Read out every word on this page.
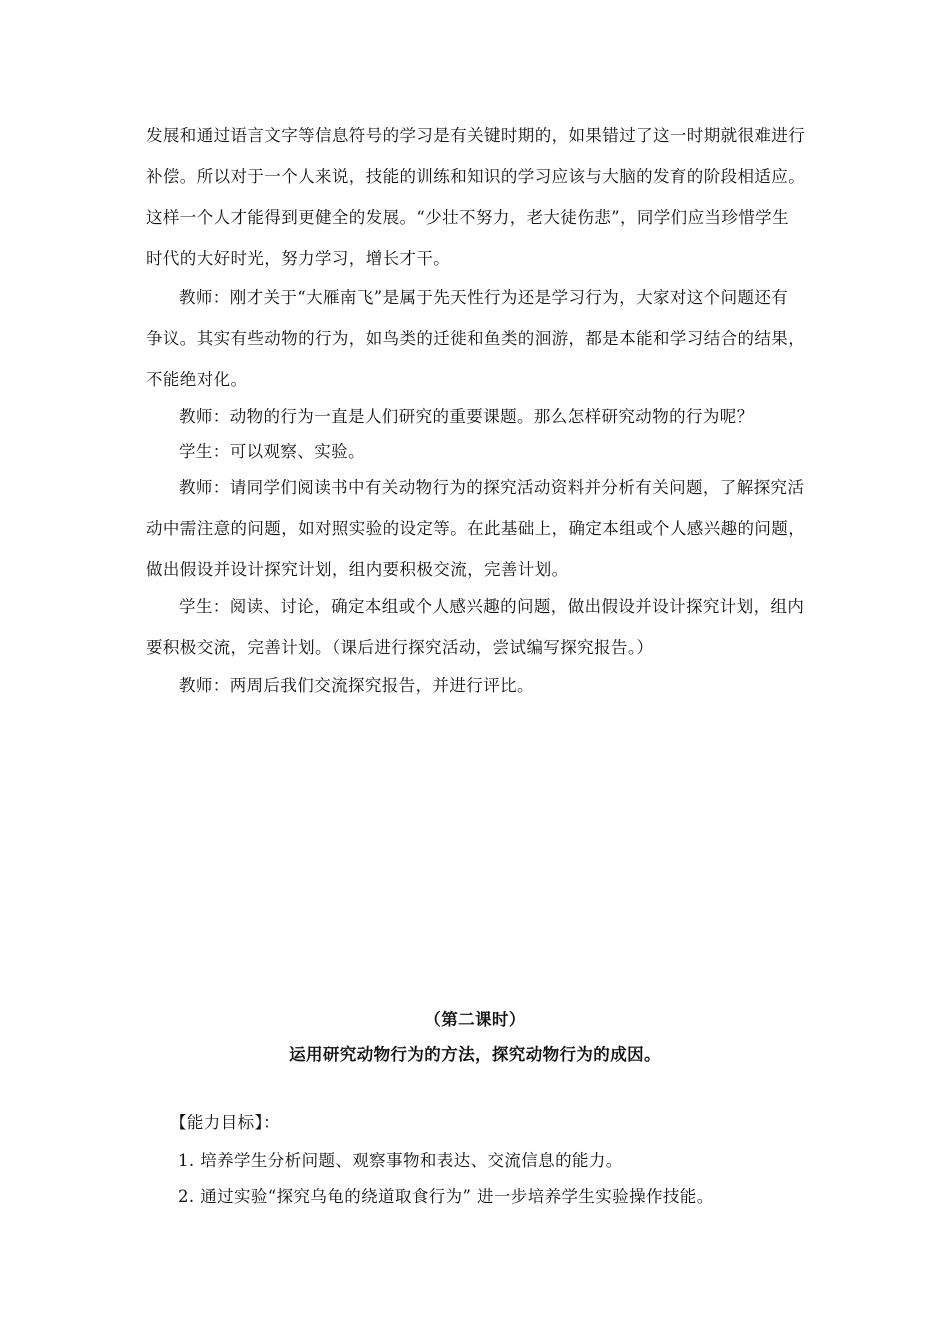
发展和通过语言文字等信息符号的学习是有关键时期的，如果错过了这一时期就很难进行
补偿。所以对于一个人来说，技能的训练和知识的学习应该与大脑的发育的阶段相适应。
这样一个人才能得到更健全的发展。“少壮不努力，老大徒伤悲”，同学们应当珍惜学生
时代的大好时光，努力学习，增长才干。
教师：刚才关于“大雁南飞”是属于先天性行为还是学习行为，大家对这个问题还有
争议。其实有些动物的行为，如鸟类的迁徙和鱼类的洄游，都是本能和学习结合的结果，
不能绝对化。
教师：动物的行为一直是人们研究的重要课题。那么怎样研究动物的行为呢？
学生：可以观察、实验。
教师：请同学们阅读书中有关动物行为的探究活动资料并分析有关问题，了解探究活
动中需注意的问题，如对照实验的设定等。在此基础上，确定本组或个人感兴趣的问题，
做出假设并设计探究计划，组内要积极交流，完善计划。
学生：阅读、讨论，确定本组或个人感兴趣的问题，做出假设并设计探究计划，组内
要积极交流，完善计划。（课后进行探究活动，尝试编写探究报告。）
教师：两周后我们交流探究报告，并进行评比。
（第二课时）
运用研究动物行为的方法，探究动物行为的成因。
【能力目标】：
1. 培养学生分析问题、观察事物和表达、交流信息的能力。
2. 通过实验“探究乌龟的绕道取食行为” 进一步培养学生实验操作技能。
